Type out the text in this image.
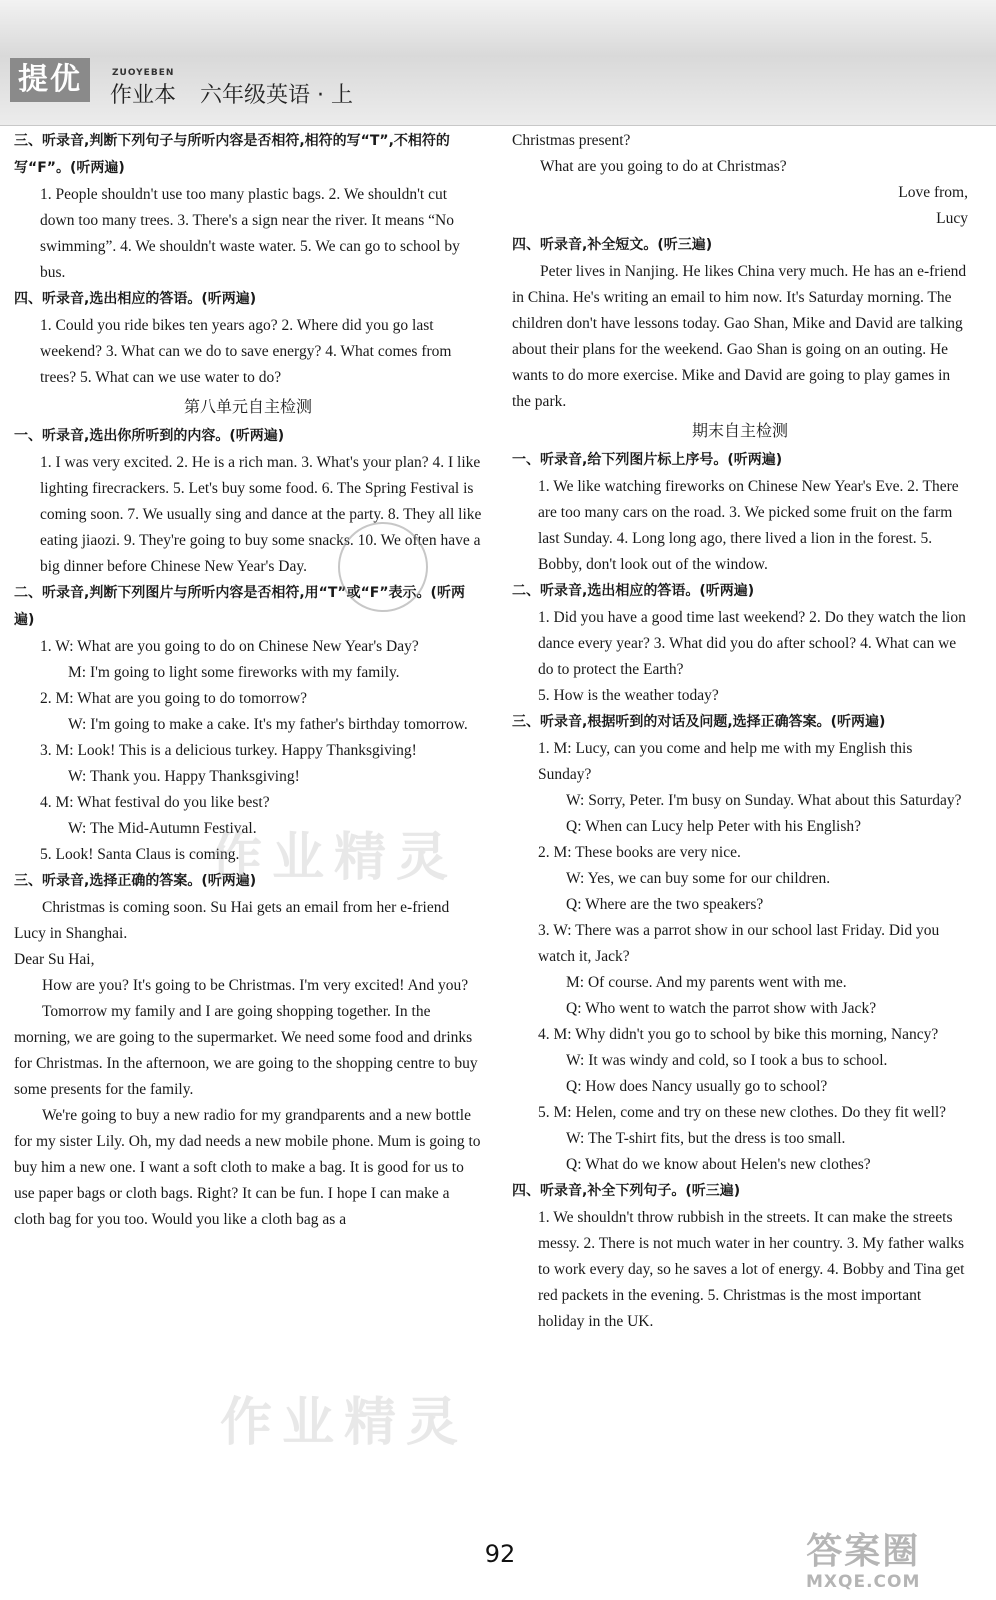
提优	ZUOYEBEN
作业本 六年级英语 · 上

三、听录音,判断下列句子与所听内容是否相符,相符的写“T”,不相符的写“F”。(听两遍)

1. People shouldn't use too many plastic bags. 2. We shouldn't cut down too many trees. 3. There's a sign near the river. It means “No swimming”. 4. We shouldn't waste water. 5. We can go to school by bus.

四、听录音,选出相应的答语。(听两遍)

1. Could you ride bikes ten years ago? 2. Where did you go last weekend? 3. What can we do to save energy? 4. What comes from trees? 5. What can we use water to do?

第八单元自主检测

一、听录音,选出你所听到的内容。(听两遍)

1. I was very excited. 2. He is a rich man. 3. What's your plan? 4. I like lighting firecrackers. 5. Let's buy some food. 6. The Spring Festival is coming soon. 7. We usually sing and dance at the party. 8. They all like eating jiaozi. 9. They're going to buy some snacks. 10. We often have a big dinner before Chinese New Year's Day.

二、听录音,判断下列图片与所听内容是否相符,用“T”或“F”表示。(听两遍)

1. W: What are you going to do on Chinese New Year's Day?

M: I'm going to light some fireworks with my family.

2. M: What are you going to do tomorrow?

W: I'm going to make a cake. It's my father's birthday tomorrow.

3. M: Look! This is a delicious turkey. Happy Thanksgiving!

W: Thank you. Happy Thanksgiving!

4. M: What festival do you like best?

W: The Mid-Autumn Festival.

5. Look! Santa Claus is coming.

三、听录音,选择正确的答案。(听两遍)

Christmas is coming soon. Su Hai gets an email from her e-friend Lucy in Shanghai.

Dear Su Hai,

How are you? It's going to be Christmas. I'm very excited! And you?

Tomorrow my family and I are going shopping together. In the morning, we are going to the supermarket. We need some food and drinks for Christmas. In the afternoon, we are going to the shopping centre to buy some presents for the family.

We're going to buy a new radio for my grandparents and a new bottle for my sister Lily. Oh, my dad needs a new mobile phone. Mum is going to buy him a new one. I want a soft cloth to make a bag. It is good for us to use paper bags or cloth bags. Right? It can be fun. I hope I can make a cloth bag for you too. Would you like a cloth bag as a

Christmas present?

What are you going to do at Christmas?

Love from,

Lucy

四、听录音,补全短文。(听三遍)

Peter lives in Nanjing. He likes China very much. He has an e-friend in China. He's writing an email to him now. It's Saturday morning. The children don't have lessons today. Gao Shan, Mike and David are talking about their plans for the weekend. Gao Shan is going on an outing. He wants to do more exercise. Mike and David are going to play games in the park.

期末自主检测

一、听录音,给下列图片标上序号。(听两遍)

1. We like watching fireworks on Chinese New Year's Eve. 2. There are too many cars on the road. 3. We picked some fruit on the farm last Sunday. 4. Long long ago, there lived a lion in the forest. 5. Bobby, don't look out of the window.

二、听录音,选出相应的答语。(听两遍)

1. Did you have a good time last weekend? 2. Do they watch the lion dance every year? 3. What did you do after school? 4. What can we do to protect the Earth?

5. How is the weather today?

三、听录音,根据听到的对话及问题,选择正确答案。(听两遍)

1. M: Lucy, can you come and help me with my English this Sunday?

W: Sorry, Peter. I'm busy on Sunday. What about this Saturday?

Q: When can Lucy help Peter with his English?

2. M: These books are very nice.

W: Yes, we can buy some for our children.

Q: Where are the two speakers?

3. W: There was a parrot show in our school last Friday. Did you watch it, Jack?

M: Of course. And my parents went with me.

Q: Who went to watch the parrot show with Jack?

4. M: Why didn't you go to school by bike this morning, Nancy?

W: It was windy and cold, so I took a bus to school.

Q: How does Nancy usually go to school?

5. M: Helen, come and try on these new clothes. Do they fit well?

W: The T-shirt fits, but the dress is too small.

Q: What do we know about Helen's new clothes?

四、听录音,补全下列句子。(听三遍)

1. We shouldn't throw rubbish in the streets. It can make the streets messy. 2. There is not much water in her country. 3. My father walks to work every day, so he saves a lot of energy. 4. Bobby and Tina get red packets in the evening. 5. Christmas is the most important holiday in the UK.

作业精灵
作业精灵
92	答案圈
MXQE.COM
